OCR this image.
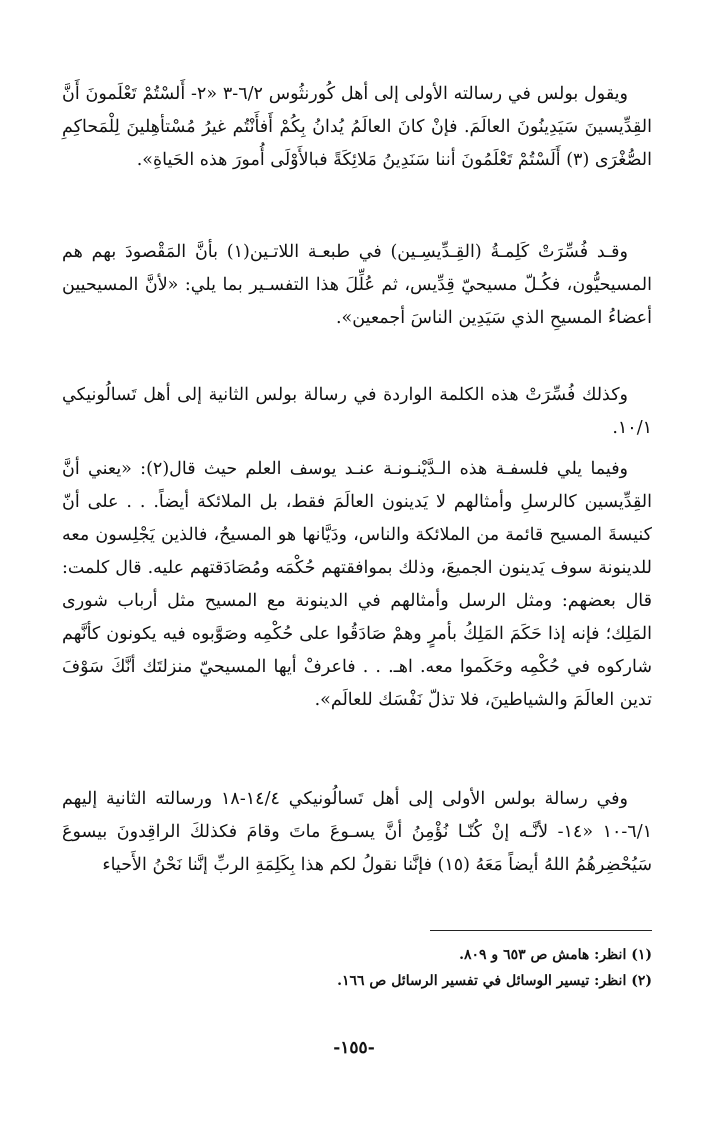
ويقول بولس في رسالته الأولى إلى أهل كُورنثُوس ٦/٢-٣ «٢- أَلسْتُمْ تَعْلَمونَ أَنَّ القِدِّيسينَ سَيَدِينُونَ العالَمَ. فإنْ كانَ العالَمُ يُدانُ بِكُمْ أَفأَنْتُم غيرُ مُسْتأهِلينَ لِلْمَحاكِمِ الصُّغْرَى (٣) أَلَسْتُمْ تَعْلَمُونَ أننا سَنَدِينُ مَلائِكَةً فبالأَوْلَى أُمورَ هذه الحَياةِ».

وقـد فُسِّرَتْ كَلِمـةُ (القِـدِّيسِـين) في طبعـة اللاتـين(١) بأنَّ المَقْصودَ بهم هم المسيحيُّون، فكُـلّ مسيحيّ قِدِّيس، ثم عُلِّلَ هذا التفسـير بما يلي: «لأنَّ المسيحيين أعضاءُ المسيحِ الذي سَيَدِين الناسَ أجمعين».

وكذلك فُسِّرَتْ هذه الكلمة الواردة في رسالة بولس الثانية إلى أهل تَسالُونيكي ١٠/١.

وفيما يلي فلسفـة هذه الـدَّيْنـونـة عنـد يوسف العلم حيث قال(٢): «يعني أنَّ القِدِّيسين كالرسلِ وأمثالهم لا يَدينون العالَمَ فقط، بل الملائكة أيضاً. . . على أنّ كنيسةَ المسيح قائمة من الملائكة والناس، ودَيَّانها هو المسيحُ، فالذين يَجْلِسون معه للدينونة سوف يَدينون الجميعَ، وذلك بموافقتهم حُكْمَه ومُصَادَقتهم عليه. قال كلمت: قال بعضهم: ومثل الرسل وأمثالهم في الدينونة مع المسيح مثل أرباب شورى المَلِك؛ فإنه إذا حَكَمَ المَلِكُ بأمرٍ وهمْ صَادَقُوا على حُكْمِه وصَوَّبوه فيه يكونون كأنَّهم شاركوه في حُكْمِه وحَكَموا معه. اهـ. . . فاعرفْ أيها المسيحيّ منزلتَك أنَّكَ سَوْفَ تدين العالَمَ والشياطينَ، فلا تذلّ نَفْسَك للعالَم».

وفي رسالة بولس الأولى إلى أهل تَسالُونيكي ١٤/٤-١٨ ورسالته الثانية إليهم ٦/١-١٠ «١٤- لأنَّـه إنْ كُنّـا نُؤْمِنُ أنَّ يسـوعَ ماتَ وقامَ فكذلكَ الراقِدونَ بيسوعَ سَيُحْضِرهُمُ اللهُ أيضاً مَعَهُ (١٥) فإنَّنا نقولُ لكم هذا بِكَلِمَةِ الربِّ إنَّنا نَحْنُ الأَحياء

(١) انظر: هامش ص ٦٥٣ و ٨٠٩.

(٢) انظر: تيسير الوسائل في تفسير الرسائل ص ١٦٦.

-١٥٥-
